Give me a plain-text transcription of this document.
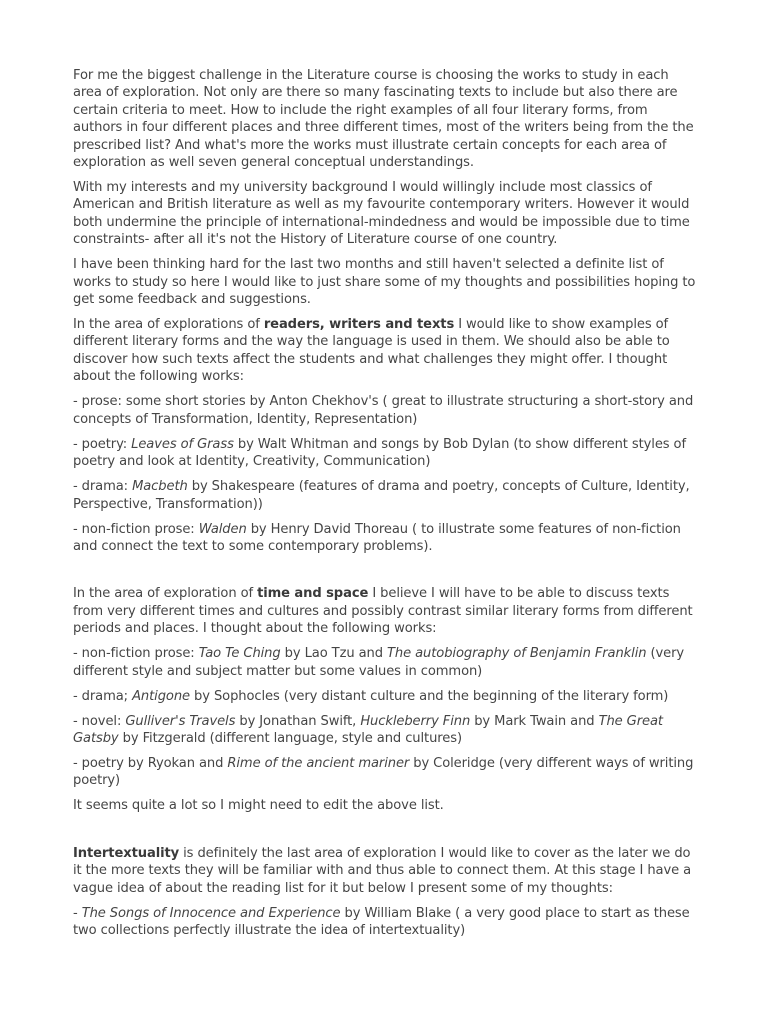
For me the biggest challenge in the Literature course is choosing the works to study in each area of exploration. Not only are there so many fascinating texts to include but also there are certain criteria to meet. How to include the right examples of all four literary forms, from authors in four different places and three different times, most of the writers being from the the prescribed list? And what's more the works must illustrate certain concepts for each area of exploration as well seven general conceptual understandings.

With my interests and my university background I would willingly include most classics of American and British literature as well as my favourite contemporary writers. However it would both undermine the principle of international-mindedness and would be impossible due to time constraints- after all it's not the History of Literature course of one country.

I have been thinking hard for the last two months and still haven't selected a definite list of works to study so here I would like to just share some of my thoughts and possibilities hoping to get some feedback and suggestions.

In the area of explorations of readers, writers and texts I would like to show examples of different literary forms and the way the language is used in them. We should also be able to discover how such texts affect the students and what challenges they might offer. I thought about the following works:

- prose: some short stories by Anton Chekhov's ( great to illustrate structuring a short-story and concepts of Transformation, Identity, Representation)

- poetry: Leaves of Grass by Walt Whitman and songs by Bob Dylan (to show different styles of poetry and look at Identity, Creativity, Communication)

- drama: Macbeth by Shakespeare (features of drama and poetry, concepts of Culture, Identity, Perspective, Transformation))

- non-fiction prose: Walden by Henry David Thoreau ( to illustrate some features of non-fiction and connect the text to some contemporary problems).

In the area of exploration of time and space I believe I will have to be able to discuss texts from very different times and cultures and possibly contrast similar literary forms from different periods and places. I thought about the following works:

- non-fiction prose: Tao Te Ching by Lao Tzu and The autobiography of Benjamin Franklin (very different style and subject matter but some values in common)

- drama; Antigone by Sophocles (very distant culture and the beginning of the literary form)

- novel: Gulliver's Travels by Jonathan Swift, Huckleberry Finn by Mark Twain and The Great Gatsby by Fitzgerald (different language, style and cultures)

- poetry by Ryokan and Rime of the ancient mariner by Coleridge (very different ways of writing poetry)

It seems quite a lot so I might need to edit the above list.

Intertextuality is definitely the last area of exploration I would like to cover as the later we do it the more texts they will be familiar with and thus able to connect them. At this stage I have a vague idea of about the reading list for it but below I present some of my thoughts:

- The Songs of Innocence and Experience by William Blake ( a very good place to start as these two collections perfectly illustrate the idea of intertextuality)
